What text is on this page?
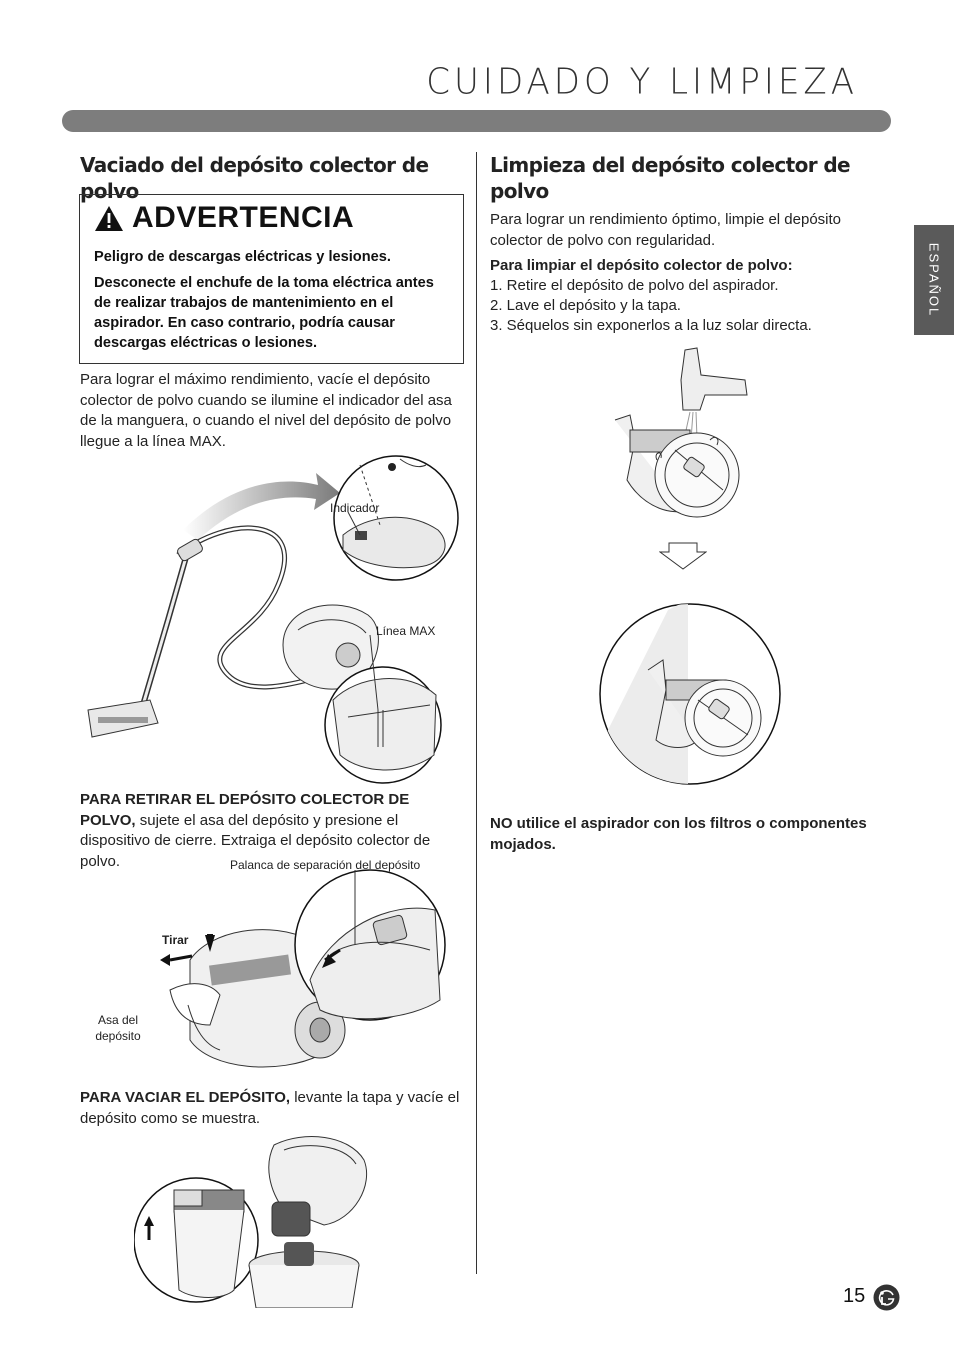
CUIDADO Y LIMPIEZA
ESPAÑOL
Vaciado del depósito colector de polvo
ADVERTENCIA
Peligro de descargas eléctricas y lesiones.
Desconecte el enchufe de la toma eléctrica antes de realizar trabajos de mantenimiento en el aspirador. En caso contrario, podría causar descargas eléctricas o lesiones.
Para lograr el máximo rendimiento, vacíe el depósito colector de polvo cuando se ilumine el indicador del asa de la manguera, o cuando el nivel del depósito de polvo llegue a la línea MAX.
Indicador
Línea MAX
PARA RETIRAR EL DEPÓSITO COLECTOR DE POLVO, sujete el asa del depósito y presione el dispositivo de cierre. Extraiga el depósito colector de polvo.	Palanca de separación del depósito
Tirar
Asa del depósito
PARA VACIAR EL DEPÓSITO, levante la tapa y vacíe el depósito como se muestra.
Limpieza del depósito colector de polvo
Para lograr un rendimiento óptimo, limpie el depósito colector de polvo con regularidad.
Para limpiar el depósito colector de polvo:
1. Retire el depósito de polvo del aspirador.
2. Lave el depósito y la tapa.
3. Séquelos sin exponerlos a la luz solar directa.
NO utilice el aspirador con los filtros o componentes mojados.
15
